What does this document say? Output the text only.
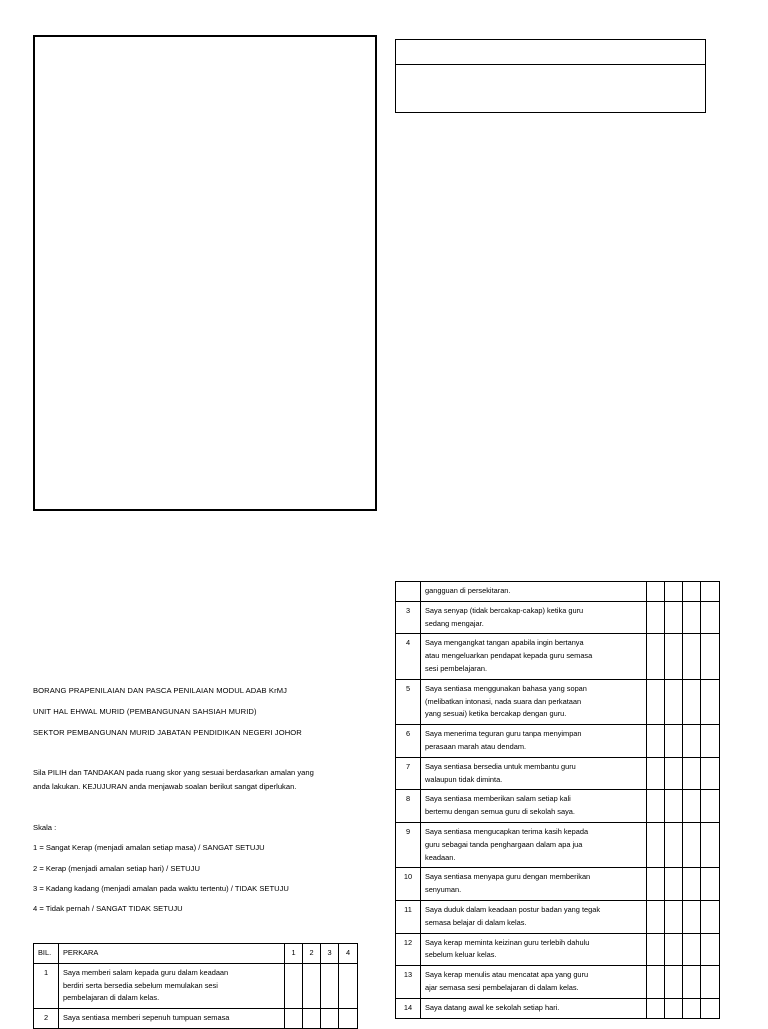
BORANG PRAPENILAIAN DAN PASCA PENILAIAN MODUL ADAB KrMJ
UNIT HAL EHWAL MURID (PEMBANGUNAN SAHSIAH MURID)
SEKTOR PEMBANGUNAN MURID JABATAN PENDIDIKAN NEGERI JOHOR
Sila PILIH dan TANDAKAN pada ruang skor yang sesuai berdasarkan amalan yang
anda lakukan. KEJUJURAN anda menjawab soalan berikut sangat diperlukan.
Skala :
1 = Sangat Kerap (menjadi amalan setiap masa) / SANGAT SETUJU
2 = Kerap (menjadi amalan setiap hari) / SETUJU
3 = Kadang kadang (menjadi amalan pada waktu tertentu) / TIDAK SETUJU
4 = Tidak pernah / SANGAT TIDAK SETUJU
BIL.	PERKARA	1	2	3	4
1	Saya memberi salam kepada guru dalam keadaan
berdiri serta bersedia sebelum memulakan sesi
pembelajaran di dalam kelas.				

2	Saya sentiasa memberi sepenuh tumpuan semasa				

	gangguan di persekitaran.				

3	Saya senyap (tidak bercakap-cakap) ketika guru
sedang mengajar.				

4	Saya mengangkat tangan apabila ingin bertanya
atau mengeluarkan pendapat kepada guru semasa
sesi pembelajaran.				

5	Saya sentiasa menggunakan bahasa yang sopan
(melibatkan intonasi, nada suara dan perkataan
yang sesuai) ketika bercakap dengan guru.				

6	Saya menerima teguran guru tanpa menyimpan
perasaan marah atau dendam.				

7	Saya sentiasa bersedia untuk membantu guru
walaupun tidak diminta.				

8	Saya sentiasa memberikan salam setiap kali
bertemu dengan semua guru di sekolah saya.				

9	Saya sentiasa mengucapkan terima kasih kepada
guru sebagai tanda penghargaan dalam apa jua
keadaan.				

10	Saya sentiasa menyapa guru dengan memberikan
senyuman.				

11	Saya duduk dalam keadaan postur badan yang tegak
semasa belajar di dalam kelas.				

12	Saya kerap meminta keizinan guru terlebih dahulu
sebelum keluar kelas.				

13	Saya kerap menulis atau mencatat apa yang guru
ajar semasa sesi pembelajaran di dalam kelas.				

14	Saya datang awal ke sekolah setiap hari.				
